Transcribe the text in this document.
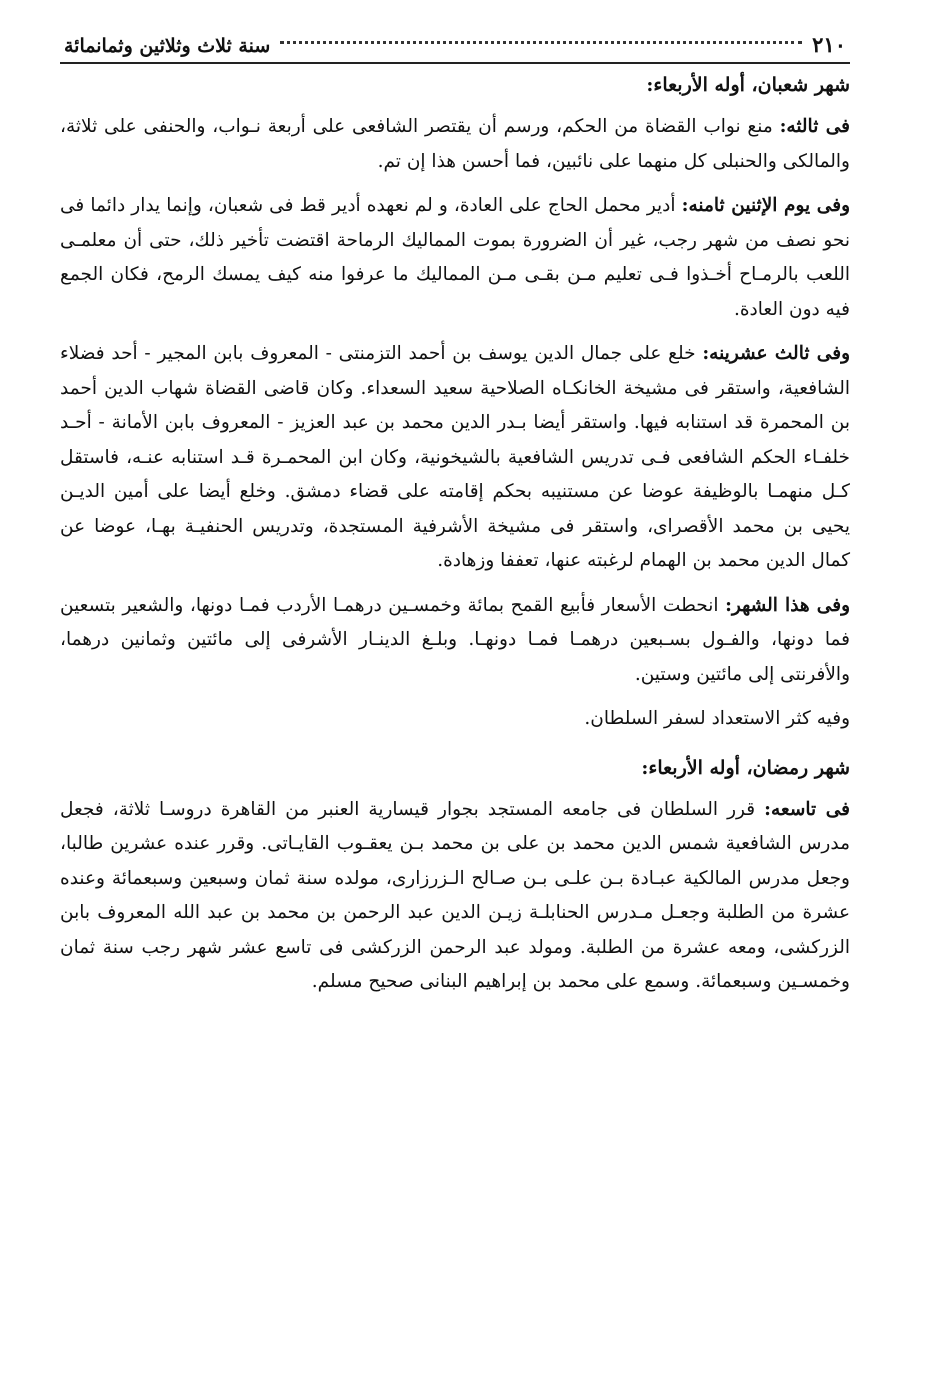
٢١٠
سنة ثلاث وثلاثين وثمانمائة
شهر شعبان، أوله الأربعاء:

فى ثالثه: منع نواب القضاة من الحكم، ورسم أن يقتصر الشافعى على أربعة نـواب، والحنفى على ثلاثة، والمالكى والحنبلى كل منهما على نائبين، فما أحسن هذا إن تم.

وفى يوم الإثنين ثامنه: أدير محمل الحاج على العادة، و لم نعهده أدير قط فى شعبان، وإنما يدار دائما فى نحو نصف من شهر رجب، غير أن الضرورة بموت المماليك الرماحة اقتضت تأخير ذلك، حتى أن معلمـى اللعب بالرمـاح أخـذوا فـى تعليم مـن بقـى مـن المماليك ما عرفوا منه كيف يمسك الرمح، فكان الجمع فيه دون العادة.

وفى ثالث عشرينه: خلع على جمال الدين يوسف بن أحمد التزمنتى - المعروف بابن المجير - أحد فضلاء الشافعية، واستقر فى مشيخة الخانكـاه الصلاحية سعيد السعداء. وكان قاضى القضاة شهاب الدين أحمد بن المحمرة قد استنابه فيها. واستقر أيضا بـدر الدين محمد بن عبد العزيز - المعروف بابن الأمانة - أحـد خلفـاء الحكم الشافعى فـى تدريس الشافعية بالشيخونية، وكان ابن المحمـرة قـد استنابه عنـه، فاستقل كـل منهمـا بالوظيفة عوضا عن مستنيبه بحكم إقامته على قضاء دمشق. وخلع أيضا على أمين الديـن يحيى بن محمد الأقصراى، واستقر فى مشيخة الأشرفية المستجدة، وتدريس الحنفيـة بهـا، عوضا عن كمال الدين محمد بن الهمام لرغبته عنها، تعففا وزهادة.

وفى هذا الشهر: انحطت الأسعار فأبيع القمح بمائة وخمسـين درهمـا الأردب فمـا دونها، والشعير بتسعين فما دونها، والفـول بسـبعين درهمـا فمـا دونهـا. وبلـغ الدينـار الأشرفى إلى مائتين وثمانين درهما، والأفرنتى إلى مائتين وستين.

وفيه كثر الاستعداد لسفر السلطان.

شهر رمضان، أوله الأربعاء:

فى تاسعه: قرر السلطان فى جامعه المستجد بجوار قيسارية العنبر من القاهرة دروسـا ثلاثة، فجعل مدرس الشافعية شمس الدين محمد بن على بن محمد بـن يعقـوب القايـاتى. وقرر عنده عشرين طالبا، وجعل مدرس المالكية عبـادة بـن علـى بـن صـالح الـزرزارى، مولده سنة ثمان وسبعين وسبعمائة وعنده عشرة من الطلبة وجعـل مـدرس الحنابلـة زيـن الدين عبد الرحمن بن محمد بن عبد الله المعروف بابن الزركشى، ومعه عشرة من الطلبة. ومولد عبد الرحمن الزركشى فى تاسع عشر شهر رجب سنة ثمان وخمسـين وسبعمائة. وسمع على محمد بن إبراهيم البنانى صحيح مسلم.
